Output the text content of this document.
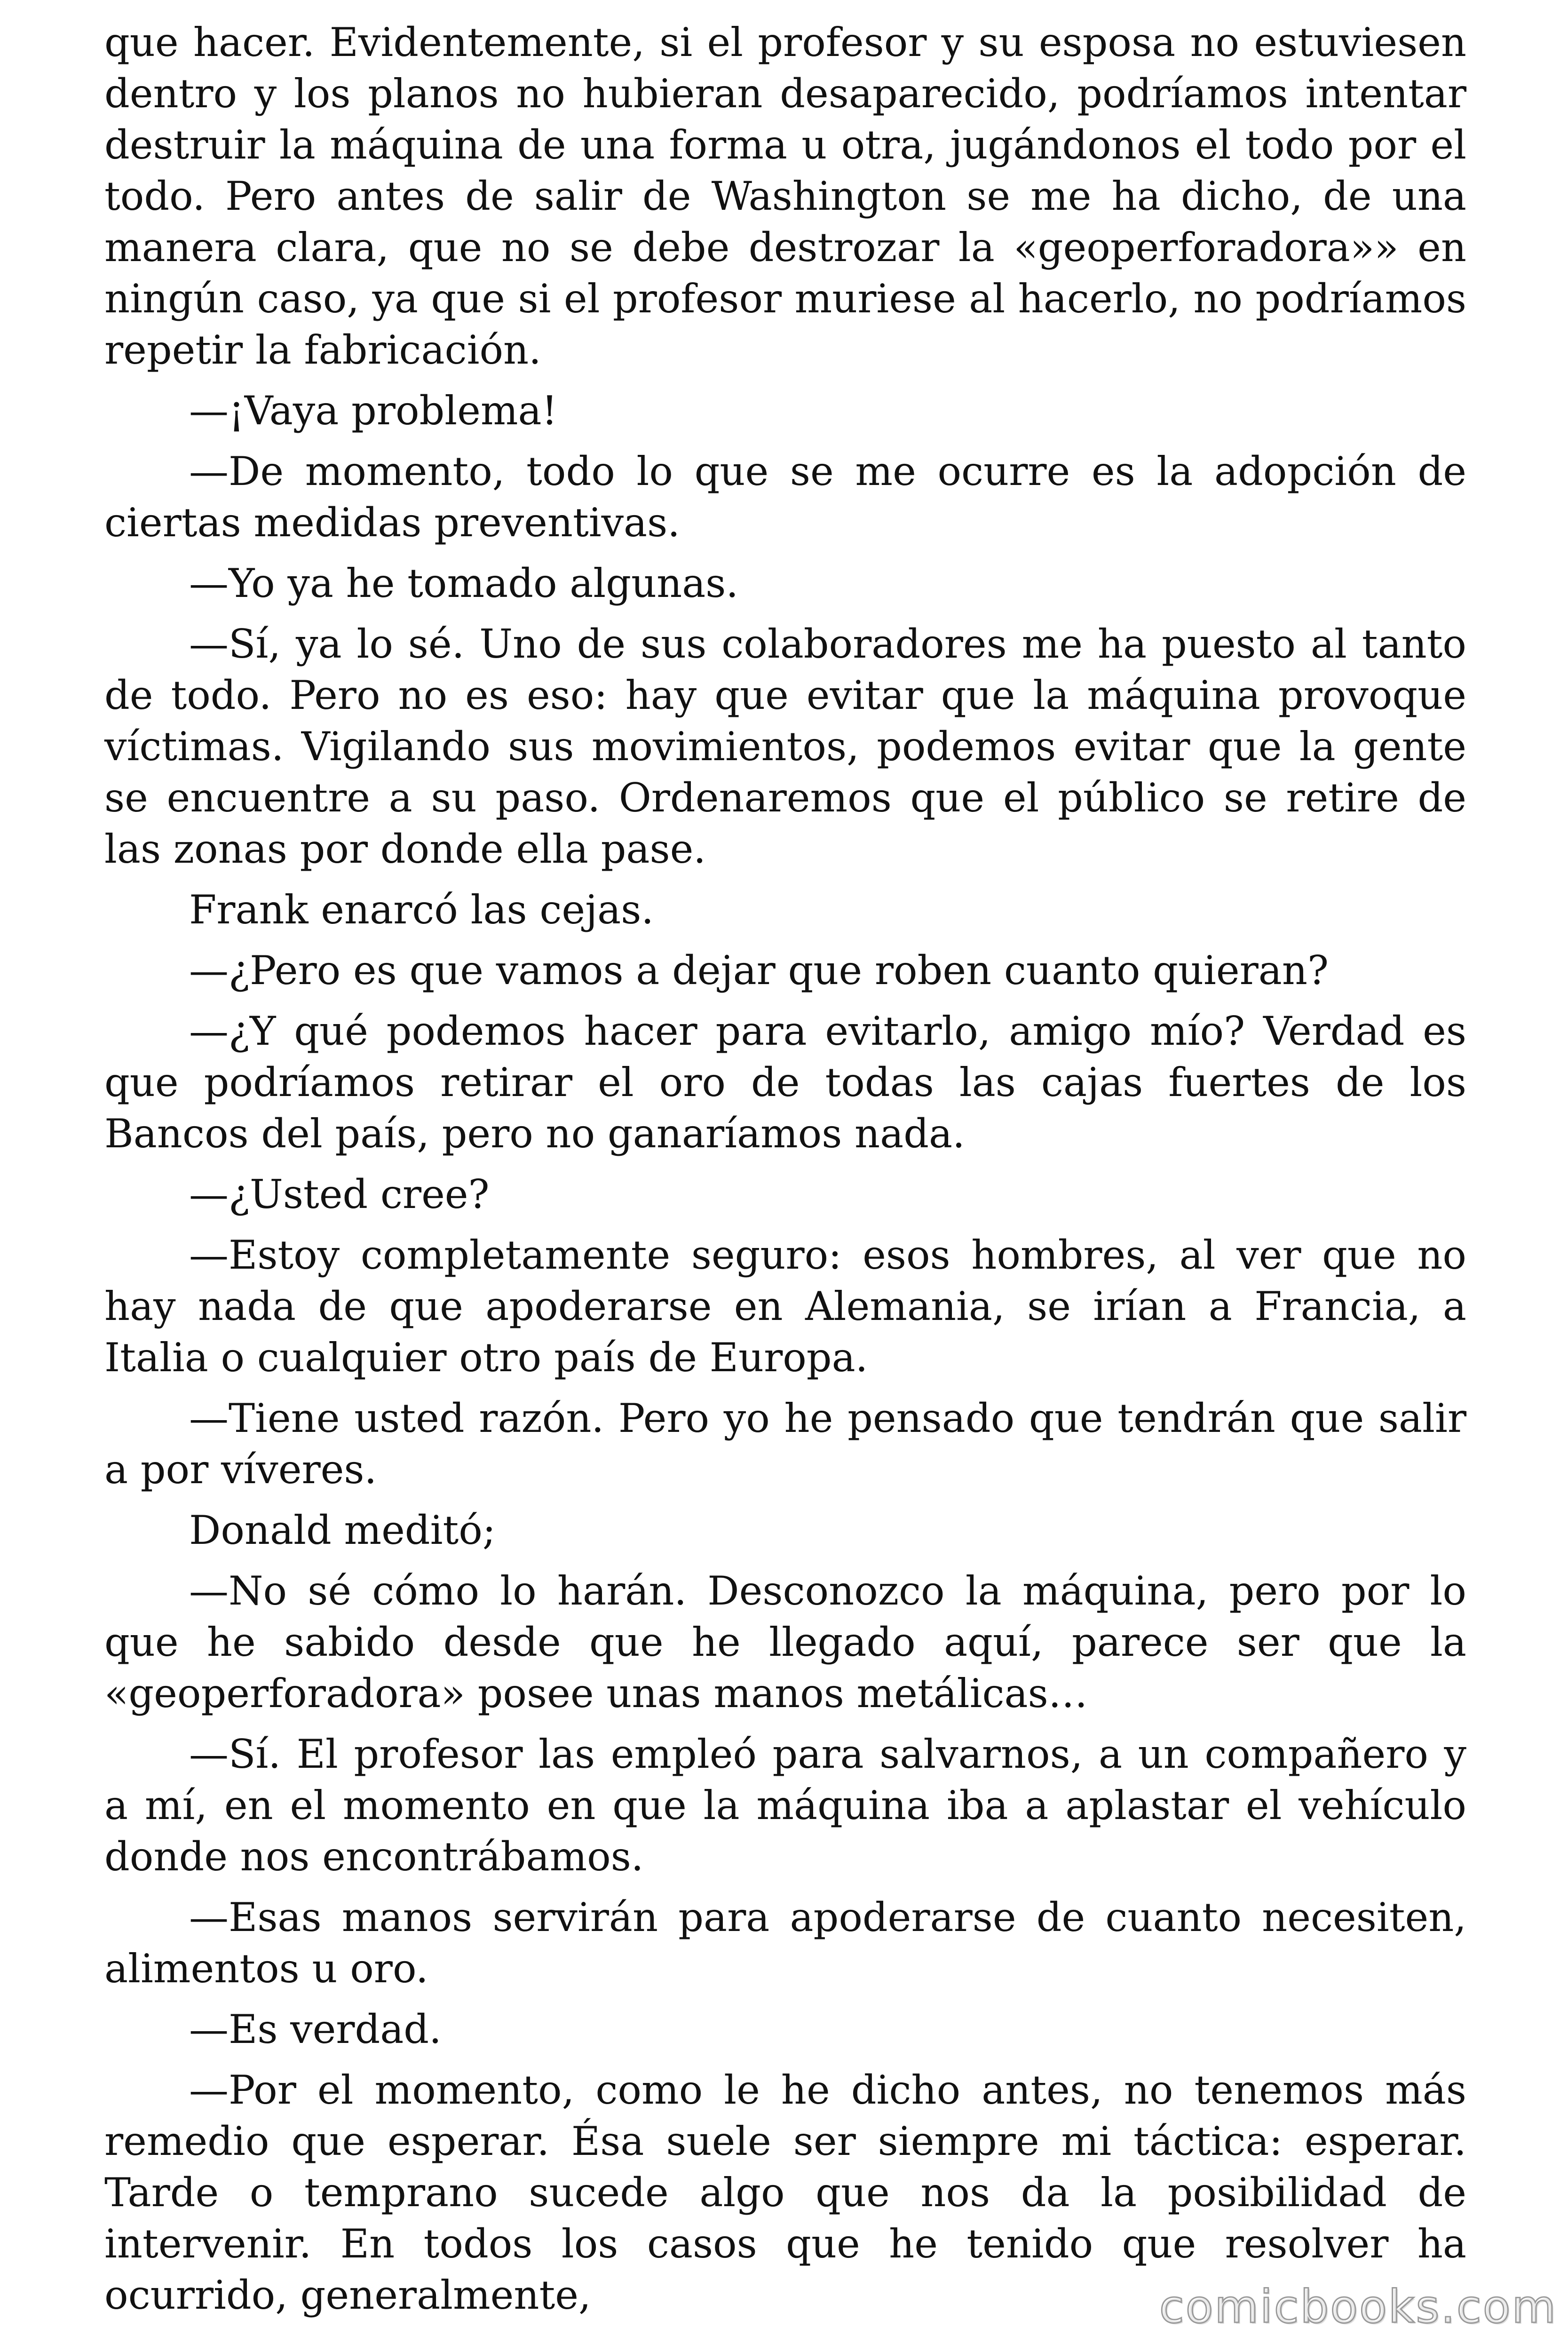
que hacer. Evidentemente, si el profesor y su esposa no estuviesen dentro y los planos no hubieran desaparecido, podríamos intentar destruir la máquina de una forma u otra, jugándonos el todo por el todo. Pero antes de salir de Washington se me ha dicho, de una manera clara, que no se debe destrozar la «geoperforadora»» en ningún caso, ya que si el profesor muriese al hacerlo, no podríamos repetir la fabricación.

—¡Vaya problema!

—De momento, todo lo que se me ocurre es la adopción de ciertas medidas preventivas.

—Yo ya he tomado algunas.

—Sí, ya lo sé. Uno de sus colaboradores me ha puesto al tanto de todo. Pero no es eso: hay que evitar que la máquina provoque víctimas. Vigilando sus movimientos, podemos evitar que la gente se encuentre a su paso. Ordenaremos que el público se retire de las zonas por donde ella pase.

Frank enarcó las cejas.

—¿Pero es que vamos a dejar que roben cuanto quieran?

—¿Y qué podemos hacer para evitarlo, amigo mío? Verdad es que podríamos retirar el oro de todas las cajas fuertes de los Bancos del país, pero no ganaríamos nada.

—¿Usted cree?

—Estoy completamente seguro: esos hombres, al ver que no hay nada de que apoderarse en Alemania, se irían a Francia, a Italia o cualquier otro país de Europa.

—Tiene usted razón. Pero yo he pensado que tendrán que salir a por víveres.

Donald meditó;

—No sé cómo lo harán. Desconozco la máquina, pero por lo que he sabido desde que he llegado aquí, parece ser que la «geoperforadora» posee unas manos metálicas…

—Sí. El profesor las empleó para salvarnos, a un compañero y a mí, en el momento en que la máquina iba a aplastar el vehículo donde nos encontrábamos.

—Esas manos servirán para apoderarse de cuanto necesiten, alimentos u oro.

—Es verdad.

—Por el momento, como le he dicho antes, no tenemos más remedio que esperar. Ésa suele ser siempre mi táctica: esperar. Tarde o temprano sucede algo que nos da la posibilidad de intervenir. En todos los casos que he tenido que resolver ha ocurrido, generalmente,	comicbooks.com
